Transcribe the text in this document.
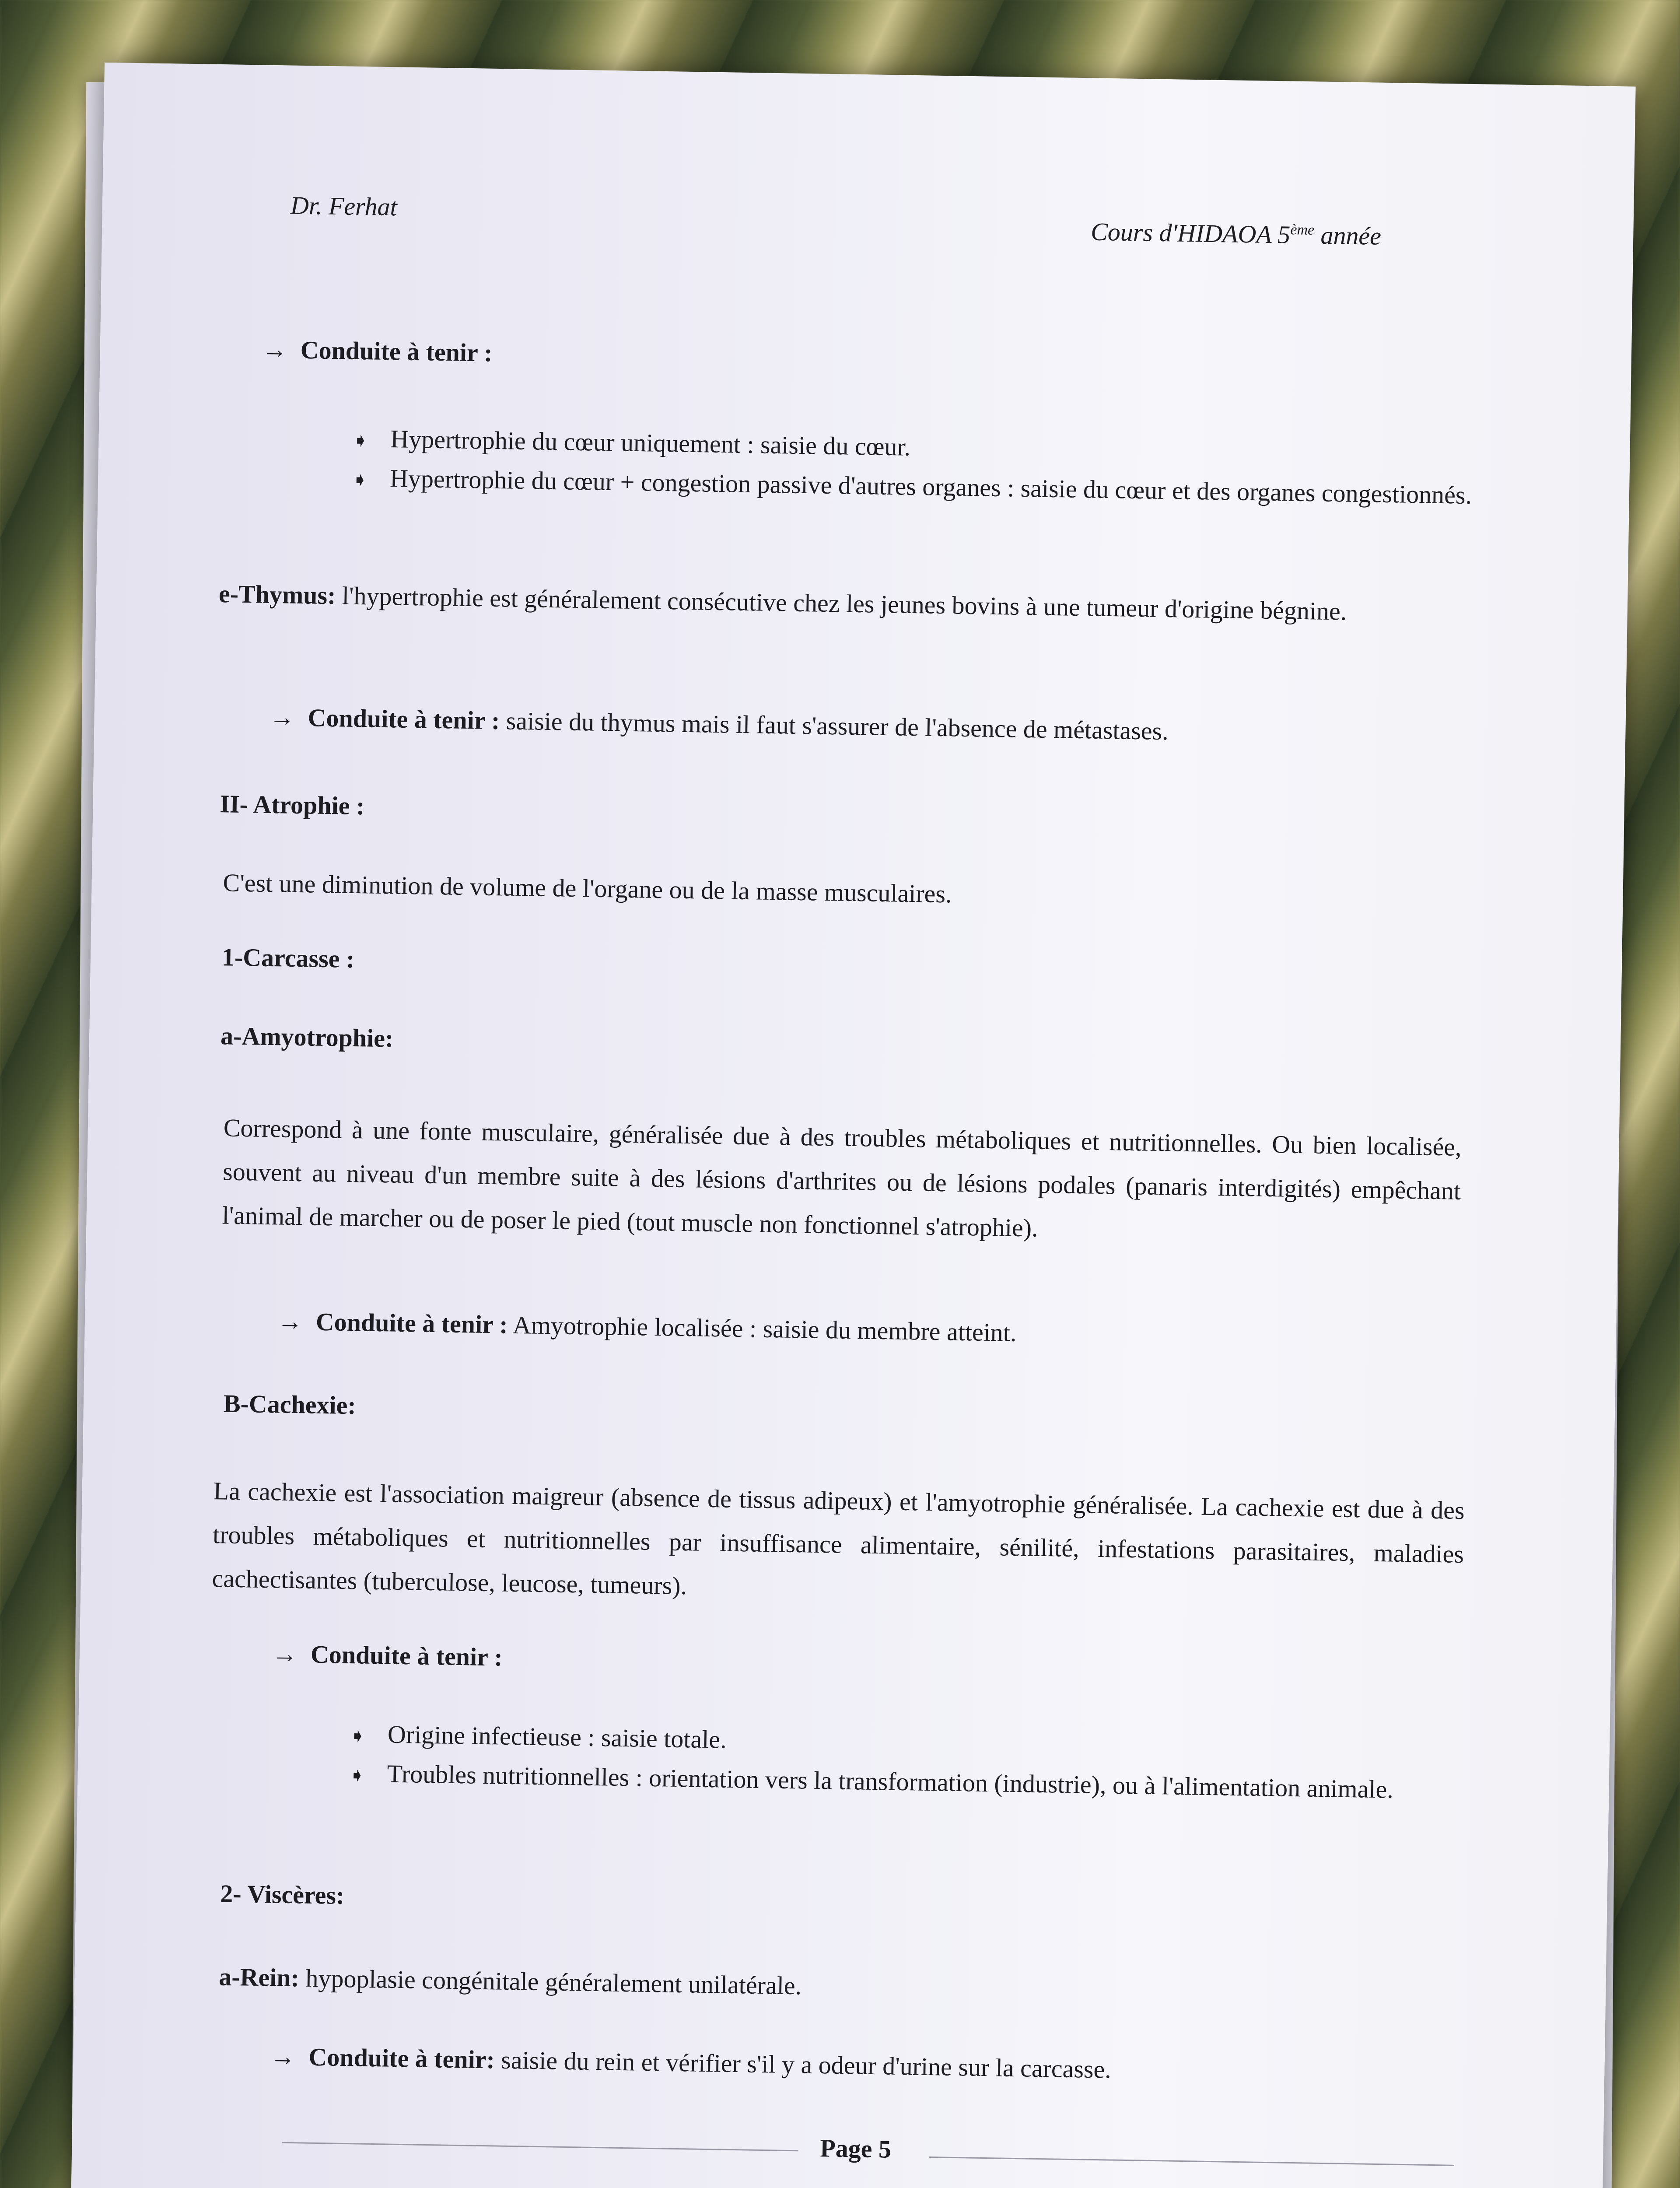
Dr. Ferhat
Cours d'HIDAOA 5ème année
→ Conduite à tenir :
➧ Hypertrophie du cœur uniquement : saisie du cœur.
➧ Hypertrophie du cœur + congestion passive d'autres organes : saisie du cœur et des organes congestionnés.
e-Thymus: l'hypertrophie est généralement consécutive chez les jeunes bovins à une tumeur d'origine bégnine.
→ Conduite à tenir : saisie du thymus mais il faut s'assurer de l'absence de métastases.
II- Atrophie :
C'est une diminution de volume de l'organe ou de la masse musculaires.
1-Carcasse :
a-Amyotrophie:
Correspond à une fonte musculaire, généralisée due à des troubles métaboliques et nutritionnelles. Ou bien localisée, souvent au niveau d'un membre suite à des lésions d'arthrites ou de lésions podales (panaris interdigités) empêchant l'animal de marcher ou de poser le pied (tout muscle non fonctionnel s'atrophie).
→ Conduite à tenir : Amyotrophie localisée : saisie du membre atteint.
B-Cachexie:
La cachexie est l'association maigreur (absence de tissus adipeux) et l'amyotrophie généralisée. La cachexie est due à des troubles métaboliques et nutritionnelles par insuffisance alimentaire, sénilité, infestations parasitaires, maladies cachectisantes (tuberculose, leucose, tumeurs).
→ Conduite à tenir :
➧ Origine infectieuse : saisie totale.
➧ Troubles nutritionnelles : orientation vers la transformation (industrie), ou à l'alimentation animale.
2- Viscères:
a-Rein: hypoplasie congénitale généralement unilatérale.
→ Conduite à tenir: saisie du rein et vérifier s'il y a odeur d'urine sur la carcasse.
Page 5
